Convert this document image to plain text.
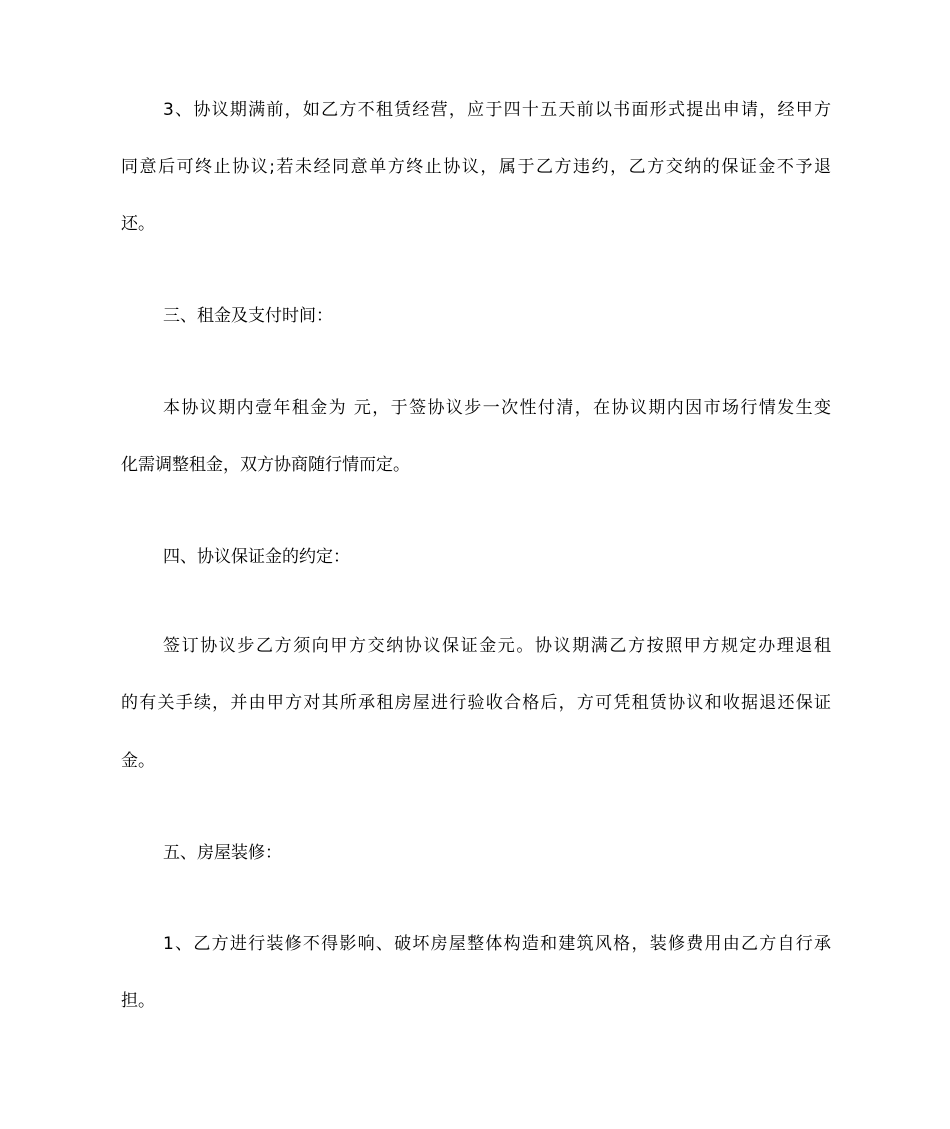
3、协议期满前，如乙方不租赁经营，应于四十五天前以书面形式提出申请，经甲方
同意后可终止协议;若未经同意单方终止协议，属于乙方违约，乙方交纳的保证金不予退
还。
三、租金及支付时间：
本协议期内壹年租金为 元，于签协议步一次性付清，在协议期内因市场行情发生变
化需调整租金，双方协商随行情而定。
四、协议保证金的约定：
签订协议步乙方须向甲方交纳协议保证金元。协议期满乙方按照甲方规定办理退租
的有关手续，并由甲方对其所承租房屋进行验收合格后，方可凭租赁协议和收据退还保证
金。
五、房屋装修：
1、乙方进行装修不得影响、破坏房屋整体构造和建筑风格，装修费用由乙方自行承
担。
